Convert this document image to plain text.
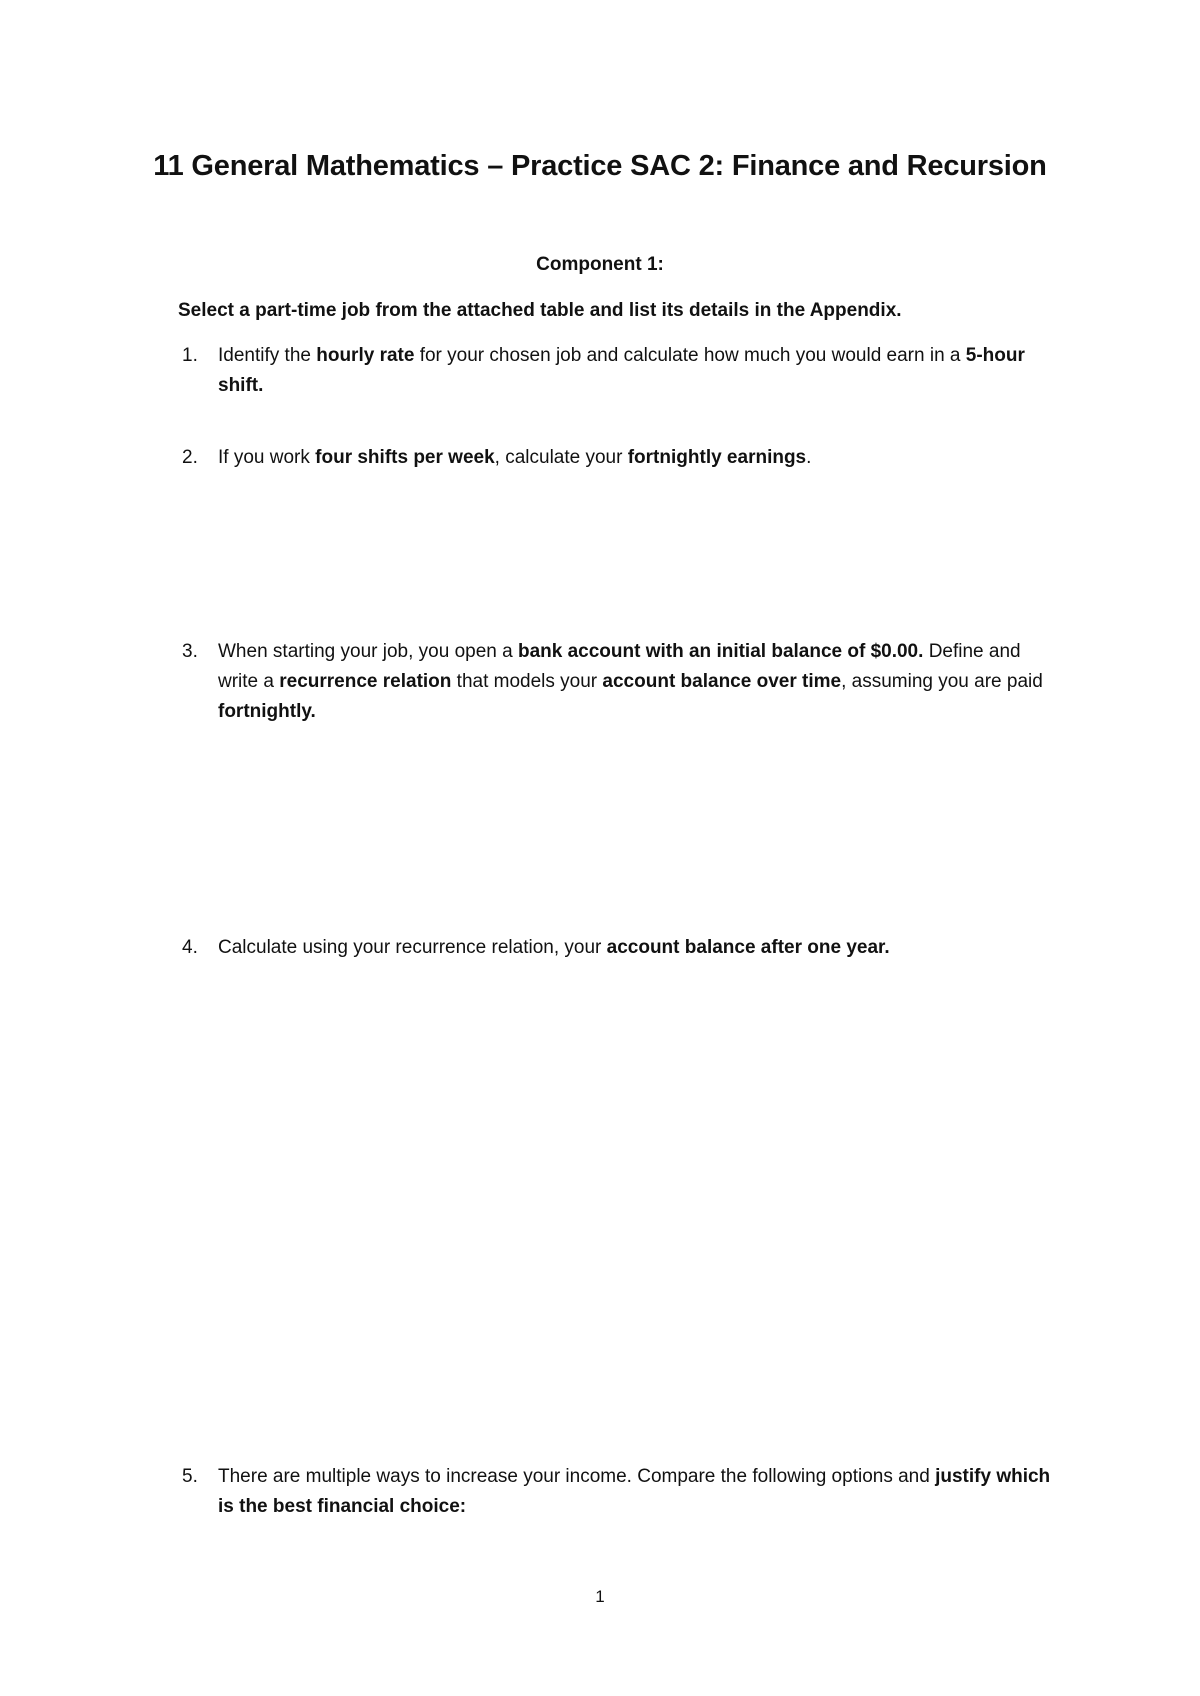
11 General Mathematics – Practice SAC 2: Finance and Recursion
Component 1:
Select a part-time job from the attached table and list its details in the Appendix.
1.	Identify the hourly rate for your chosen job and calculate how much you would earn in a 5-hour shift.
2.	If you work four shifts per week, calculate your fortnightly earnings.
3.	When starting your job, you open a bank account with an initial balance of $0.00. Define and write a recurrence relation that models your account balance over time, assuming you are paid fortnightly.
4.	Calculate using your recurrence relation, your account balance after one year.
5.	There are multiple ways to increase your income. Compare the following options and justify which is the best financial choice:
1
